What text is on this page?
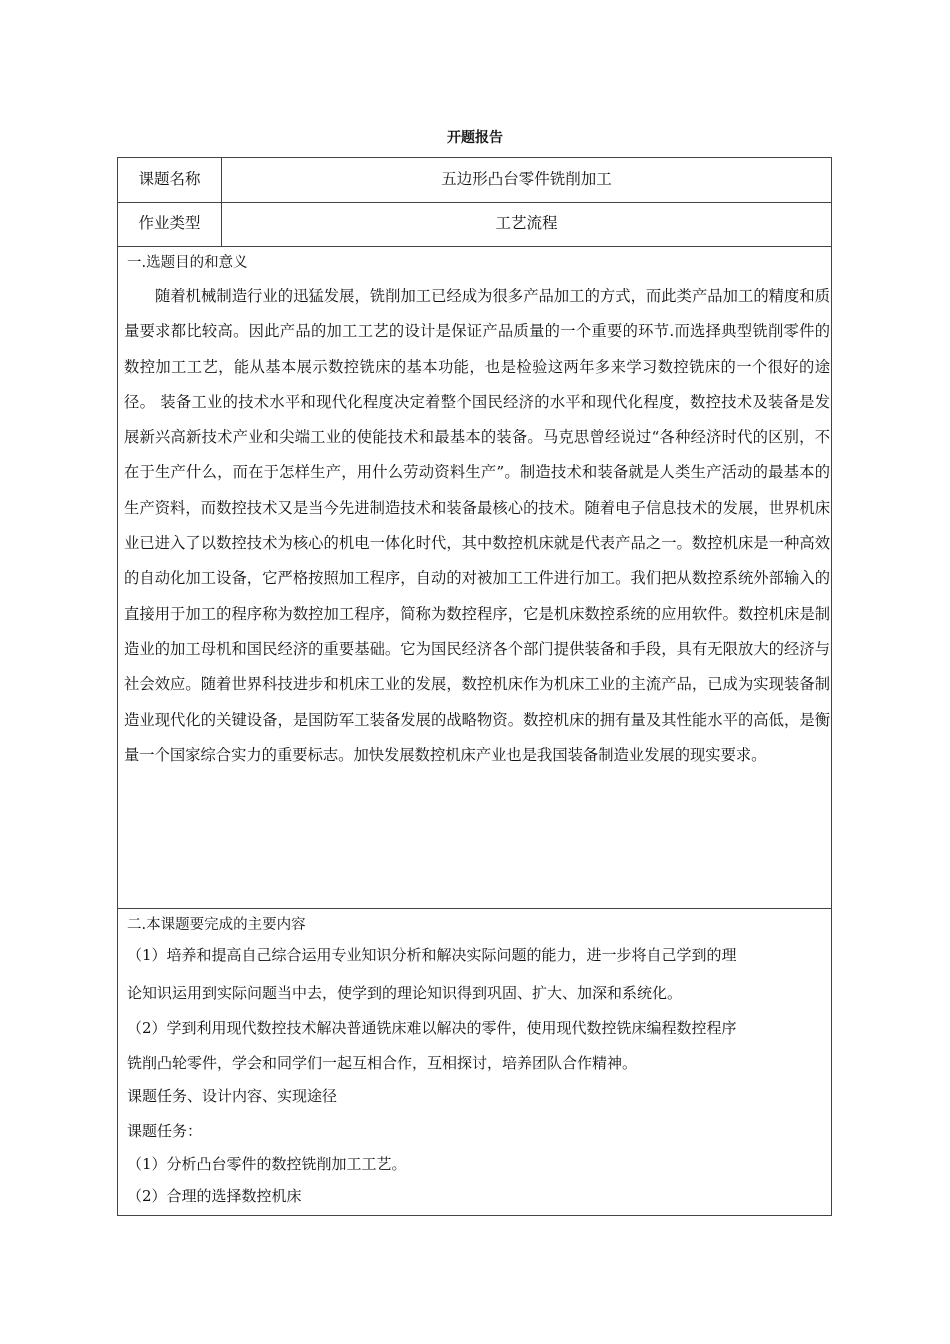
开题报告
课题名称	五边形凸台零件铣削加工
作业类型	工艺流程
一.选题目的和意义

随着机械制造行业的迅猛发展，铣削加工已经成为很多产品加工的方式，而此类产品加工的精度和质量要求都比较高。因此产品的加工工艺的设计是保证产品质量的一个重要的环节.而选择典型铣削零件的数控加工工艺，能从基本展示数控铣床的基本功能，也是检验这两年多来学习数控铣床的一个很好的途径。 装备工业的技术水平和现代化程度决定着整个国民经济的水平和现代化程度，数控技术及装备是发展新兴高新技术产业和尖端工业的使能技术和最基本的装备。马克思曾经说过“各种经济时代的区别，不在于生产什么，而在于怎样生产，用什么劳动资料生产”。制造技术和装备就是人类生产活动的最基本的生产资料，而数控技术又是当今先进制造技术和装备最核心的技术。随着电子信息技术的发展，世界机床业已进入了以数控技术为核心的机电一体化时代，其中数控机床就是代表产品之一。数控机床是一种高效的自动化加工设备，它严格按照加工程序，自动的对被加工工件进行加工。我们把从数控系统外部输入的直接用于加工的程序称为数控加工程序，简称为数控程序，它是机床数控系统的应用软件。数控机床是制造业的加工母机和国民经济的重要基础。它为国民经济各个部门提供装备和手段，具有无限放大的经济与社会效应。随着世界科技进步和机床工业的发展，数控机床作为机床工业的主流产品，已成为实现装备制造业现代化的关键设备，是国防军工装备发展的战略物资。数控机床的拥有量及其性能水平的高低，是衡量一个国家综合实力的重要标志。加快发展数控机床产业也是我国装备制造业发展的现实要求。

二.本课题要完成的主要内容
（1）培养和提高自己综合运用专业知识分析和解决实际问题的能力，进一步将自己学到的理
论知识运用到实际问题当中去，使学到的理论知识得到巩固、扩大、加深和系统化。
（2）学到利用现代数控技术解决普通铣床难以解决的零件，使用现代数控铣床编程数控程序
铣削凸轮零件，学会和同学们一起互相合作，互相探讨，培养团队合作精神。
课题任务、设计内容、实现途径
课题任务：
（1）分析凸台零件的数控铣削加工工艺。
（2）合理的选择数控机床
